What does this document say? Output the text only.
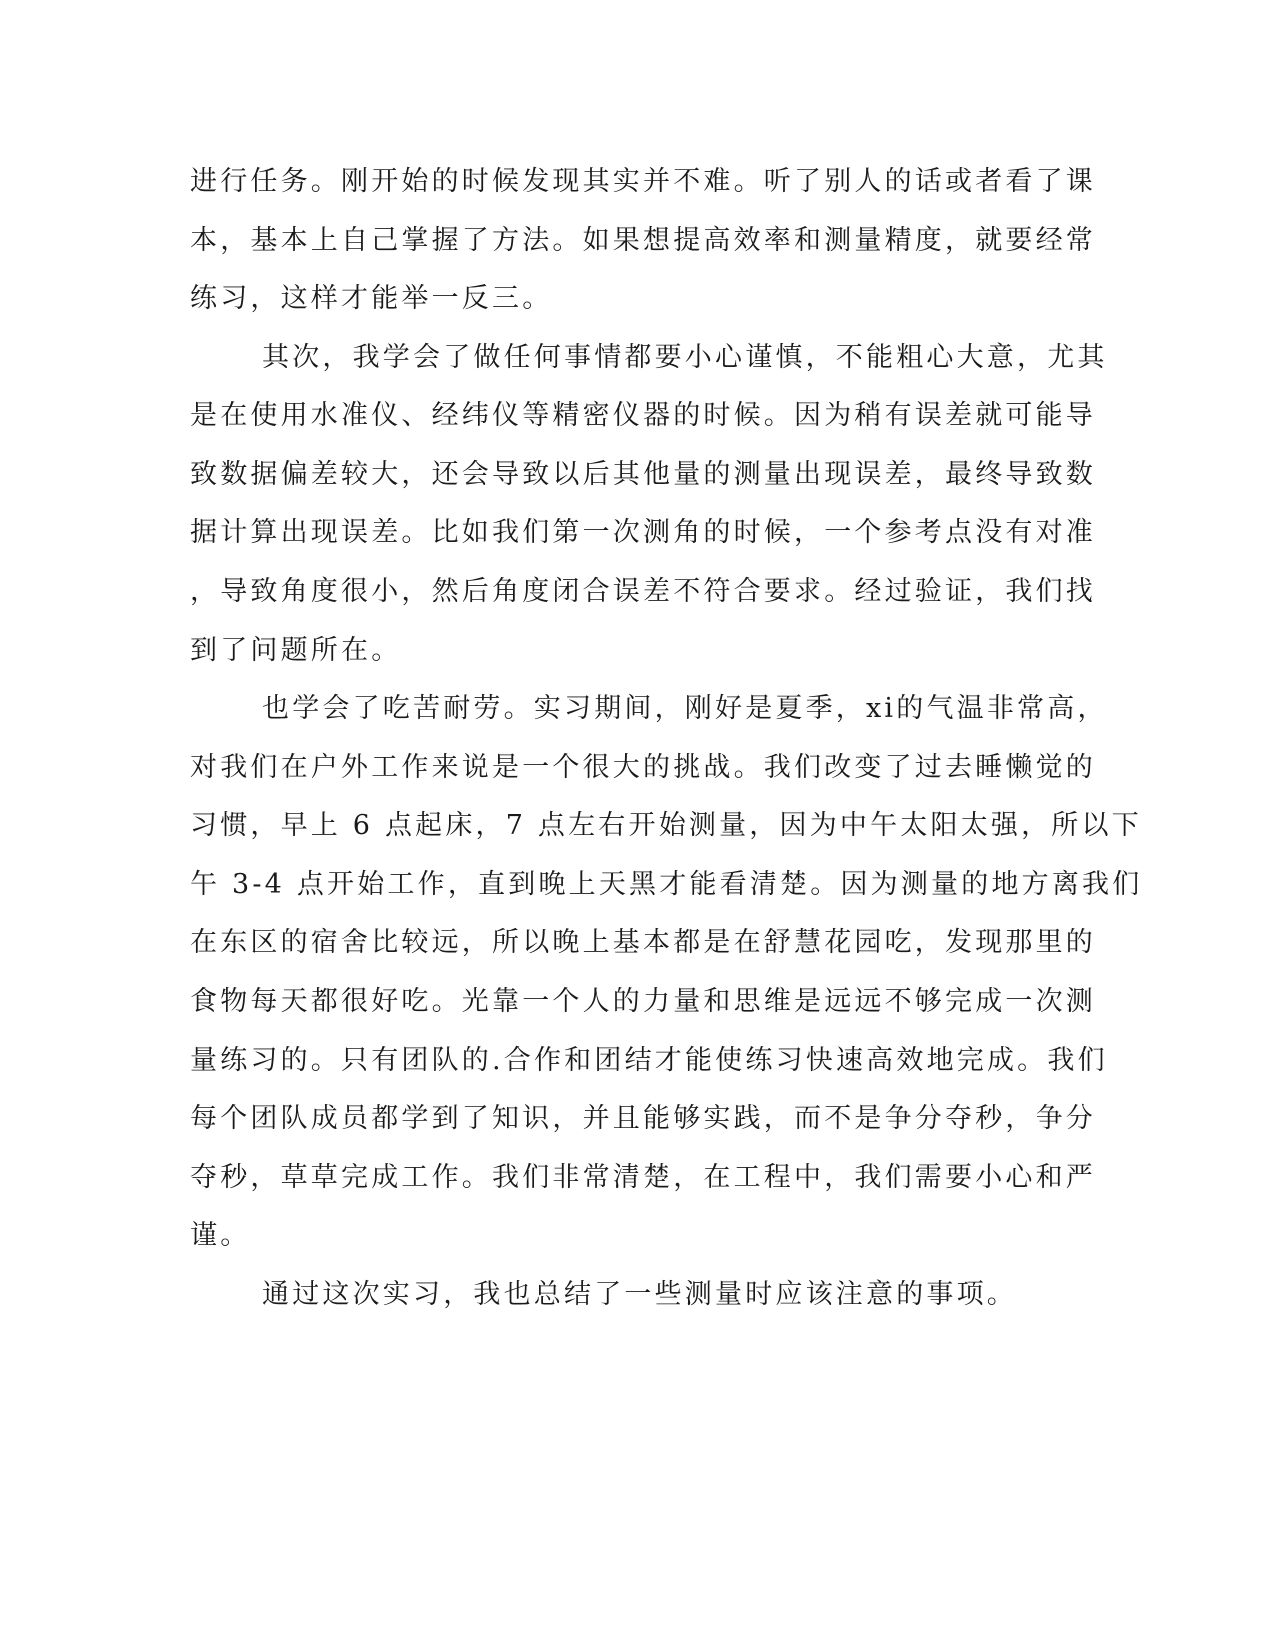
进行任务。刚开始的时候发现其实并不难。听了别人的话或者看了课
本，基本上自己掌握了方法。如果想提高效率和测量精度，就要经常
练习，这样才能举一反三。
其次，我学会了做任何事情都要小心谨慎，不能粗心大意，尤其
是在使用水准仪、经纬仪等精密仪器的时候。因为稍有误差就可能导
致数据偏差较大，还会导致以后其他量的测量出现误差，最终导致数
据计算出现误差。比如我们第一次测角的时候，一个参考点没有对准
，导致角度很小，然后角度闭合误差不符合要求。经过验证，我们找
到了问题所在。
也学会了吃苦耐劳。实习期间，刚好是夏季，xi的气温非常高，
对我们在户外工作来说是一个很大的挑战。我们改变了过去睡懒觉的
习惯，早上 6 点起床，7 点左右开始测量，因为中午太阳太强，所以下
午 3-4 点开始工作，直到晚上天黑才能看清楚。因为测量的地方离我们
在东区的宿舍比较远，所以晚上基本都是在舒慧花园吃，发现那里的
食物每天都很好吃。光靠一个人的力量和思维是远远不够完成一次测
量练习的。只有团队的.合作和团结才能使练习快速高效地完成。我们
每个团队成员都学到了知识，并且能够实践，而不是争分夺秒，争分
夺秒，草草完成工作。我们非常清楚，在工程中，我们需要小心和严
谨。
通过这次实习，我也总结了一些测量时应该注意的事项。
